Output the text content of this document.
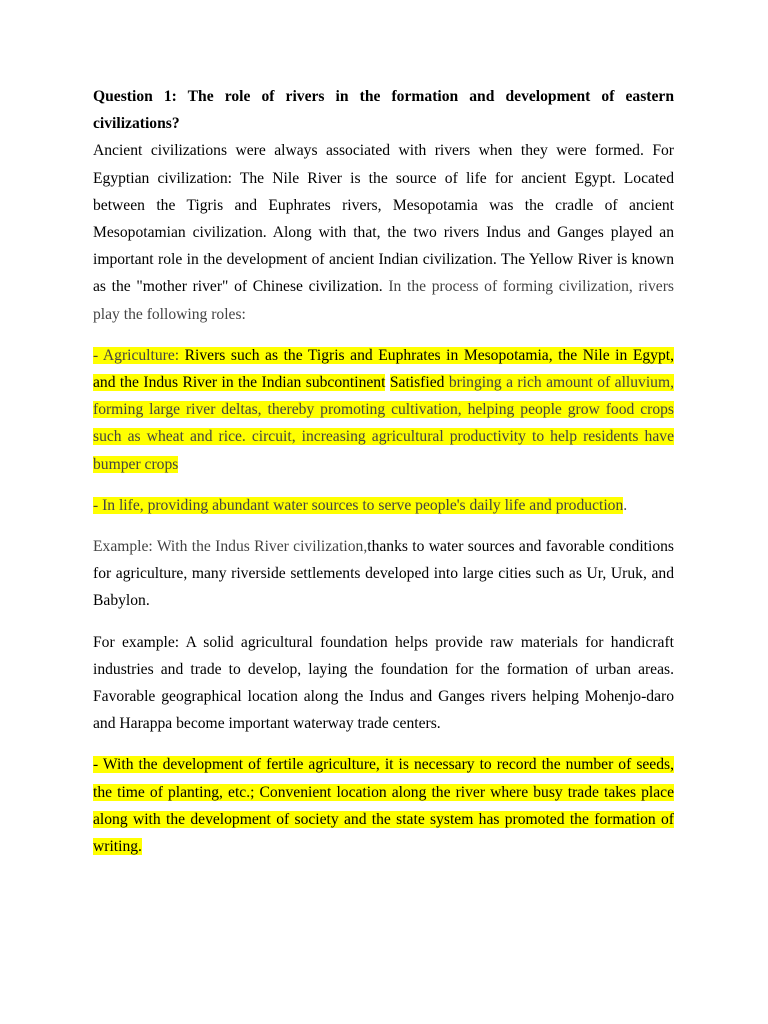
Question 1: The role of rivers in the formation and development of eastern civilizations?

Ancient civilizations were always associated with rivers when they were formed. For Egyptian civilization: The Nile River is the source of life for ancient Egypt. Located between the Tigris and Euphrates rivers, Mesopotamia was the cradle of ancient Mesopotamian civilization. Along with that, the two rivers Indus and Ganges played an important role in the development of ancient Indian civilization. The Yellow River is known as the "mother river" of Chinese civilization. In the process of forming civilization, rivers play the following roles:

- Agriculture: Rivers such as the Tigris and Euphrates in Mesopotamia, the Nile in Egypt, and the Indus River in the Indian subcontinent Satisfied bringing a rich amount of alluvium, forming large river deltas, thereby promoting cultivation, helping people grow food crops such as wheat and rice. circuit, increasing agricultural productivity to help residents have bumper crops

- In life, providing abundant water sources to serve people's daily life and production.

Example: With the Indus River civilization,thanks to water sources and favorable conditions for agriculture, many riverside settlements developed into large cities such as Ur, Uruk, and Babylon.

For example: A solid agricultural foundation helps provide raw materials for handicraft industries and trade to develop, laying the foundation for the formation of urban areas. Favorable geographical location along the Indus and Ganges rivers helping Mohenjo-daro and Harappa become important waterway trade centers.

- With the development of fertile agriculture, it is necessary to record the number of seeds, the time of planting, etc.; Convenient location along the river where busy trade takes place along with the development of society and the state system has promoted the formation of writing.
